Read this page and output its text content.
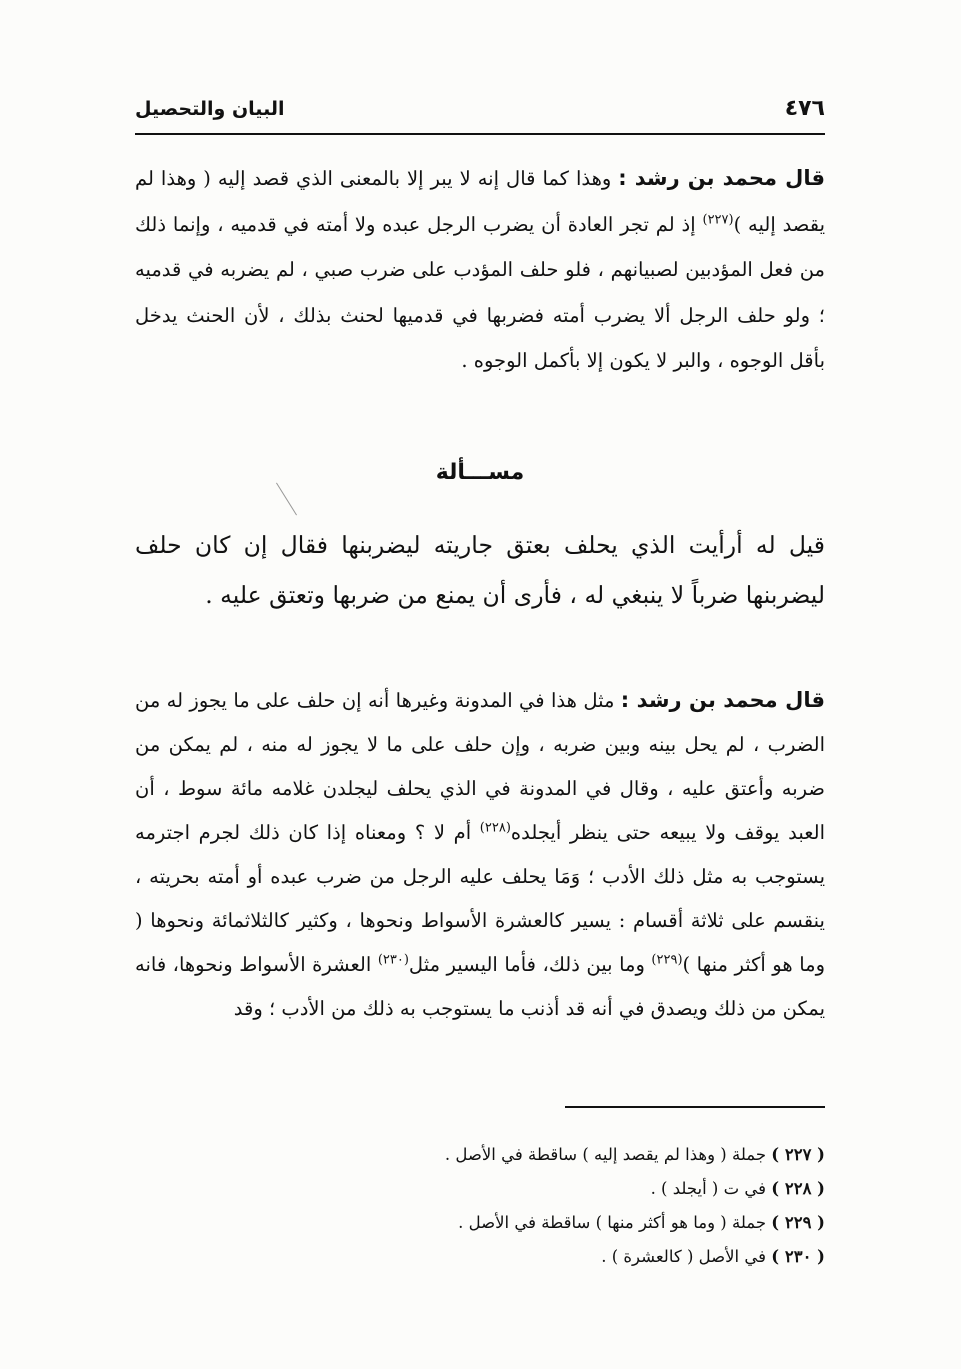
٤٧٦
البيان والتحصيل
قال محمد بن رشد : وهذا كما قال إنه لا يبر إلا بالمعنى الذي قصد إليه ( وهذا لم يقصد إليه )$^{(٢٢٧)}$ إذ لم تجر العادة أن يضرب الرجل عبده ولا أمته في قدميه ، وإنما ذلك من فعل المؤدبين لصبيانهم ، فلو حلف المؤدب على ضرب صبي ، لم يضربه في قدميه ؛ ولو حلف الرجل ألا يضرب أمته فضربها في قدميها لحنث بذلك ، لأن الحنث يدخل بأقل الوجوه ، والبر لا يكون إلا بأكمل الوجوه .
مســـألة
قيل له أرأيت الذي يحلف بعتق جاريته ليضربنها فقال إن كان حلف ليضربنها ضرباً لا ينبغي له ، فأرى أن يمنع من ضربها وتعتق عليه .
قال محمد بن رشد : مثل هذا في المدونة وغيرها أنه إن حلف على ما يجوز له من الضرب ، لم يحل بينه وبين ضربه ، وإن حلف على ما لا يجوز له منه ، لم يمكن من ضربه وأعتق عليه ، وقال في المدونة في الذي يحلف ليجلدن غلامه مائة سوط ، أن العبد يوقف ولا يبيعه حتى ينظر أيجلده$^{(٢٢٨)}$ أم لا ؟ ومعناه إذا كان ذلك لجرم اجترمه يستوجب به مثل ذلك الأدب ؛ وَمَا يحلف عليه الرجل من ضرب عبده أو أمته بحريته ، ينقسم على ثلاثة أقسام : يسير كالعشرة الأسواط ونحوها ، وكثير كالثلاثمائة ونحوها ( وما هو أكثر منها )$^{(٢٢٩)}$ وما بين ذلك، فأما اليسير مثل$^{(٢٣٠)}$ العشرة الأسواط ونحوها، فانه يمكن من ذلك ويصدق في أنه قد أذنب ما يستوجب به ذلك من الأدب ؛ وقد
( ٢٢٧ ) جملة ( وهذا لم يقصد إليه ) ساقطة في الأصل .
( ٢٢٨ ) في ت ( أيجلد ) .
( ٢٢٩ ) جملة ( وما هو أكثر منها ) ساقطة في الأصل .
( ٢٣٠ ) في الأصل ( كالعشرة ) .
